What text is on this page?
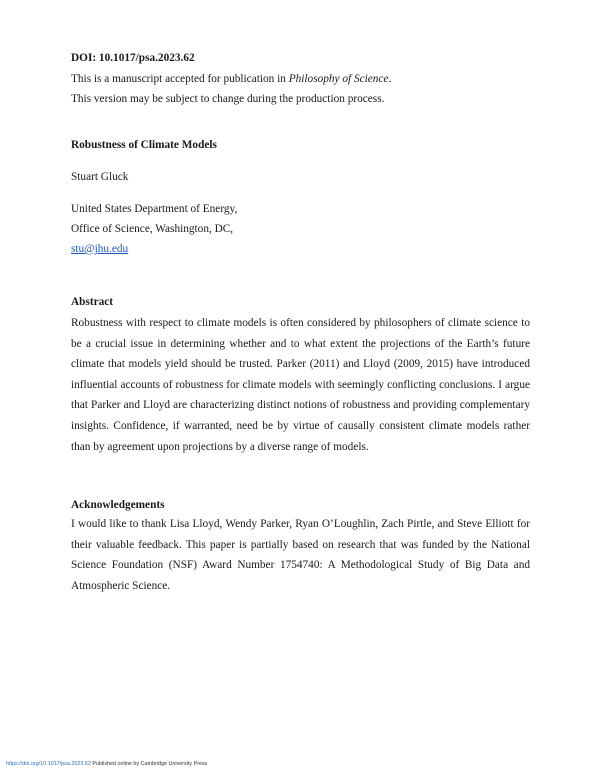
DOI: 10.1017/psa.2023.62
This is a manuscript accepted for publication in Philosophy of Science.
This version may be subject to change during the production process.
Robustness of Climate Models
Stuart Gluck
United States Department of Energy,
Office of Science, Washington, DC,
stu@jhu.edu
Abstract
Robustness with respect to climate models is often considered by philosophers of climate science to be a crucial issue in determining whether and to what extent the projections of the Earth’s future climate that models yield should be trusted. Parker (2011) and Lloyd (2009, 2015) have introduced influential accounts of robustness for climate models with seemingly conflicting conclusions. I argue that Parker and Lloyd are characterizing distinct notions of robustness and providing complementary insights. Confidence, if warranted, need be by virtue of causally consistent climate models rather than by agreement upon projections by a diverse range of models.
Acknowledgements
I would like to thank Lisa Lloyd, Wendy Parker, Ryan O’Loughlin, Zach Pirtle, and Steve Elliott for their valuable feedback. This paper is partially based on research that was funded by the National Science Foundation (NSF) Award Number 1754740: A Methodological Study of Big Data and Atmospheric Science.
https://doi.org/10.1017/psa.2023.62 Published online by Cambridge University Press
